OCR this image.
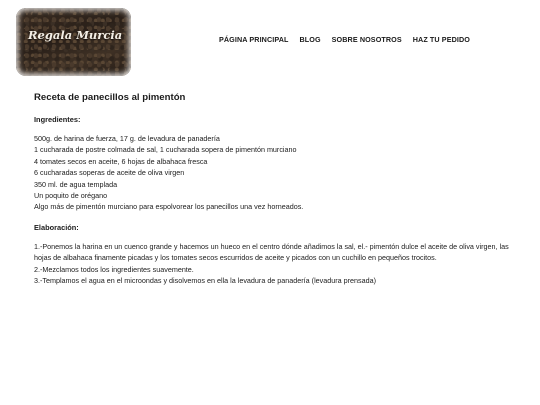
Regala Murcia	PÁGINA PRINCIPAL BLOG SOBRE NOSOTROS HAZ TU PEDIDO
Receta de panecillos al pimentón
Ingredientes:
500g. de harina de fuerza, 17 g. de levadura de panadería
1 cucharada de postre colmada de sal, 1 cucharada sopera de pimentón murciano
4 tomates secos en aceite, 6 hojas de albahaca fresca
6 cucharadas soperas de aceite de oliva virgen
350 ml. de agua templada
Un poquito de orégano
Algo más de pimentón murciano para espolvorear los panecillos una vez horneados.
Elaboración:
1.-Ponemos la harina en un cuenco grande y hacemos un hueco en el centro dónde añadimos la sal, el.- pimentón dulce el aceite de oliva virgen, las hojas de albahaca finamente picadas y los tomates secos escurridos de aceite y picados con un cuchillo en pequeños trocitos.
2.-Mezclamos todos los ingredientes suavemente.
3.-Templamos el agua en el microondas y disolvemos en ella la levadura de panadería (levadura prensada)
